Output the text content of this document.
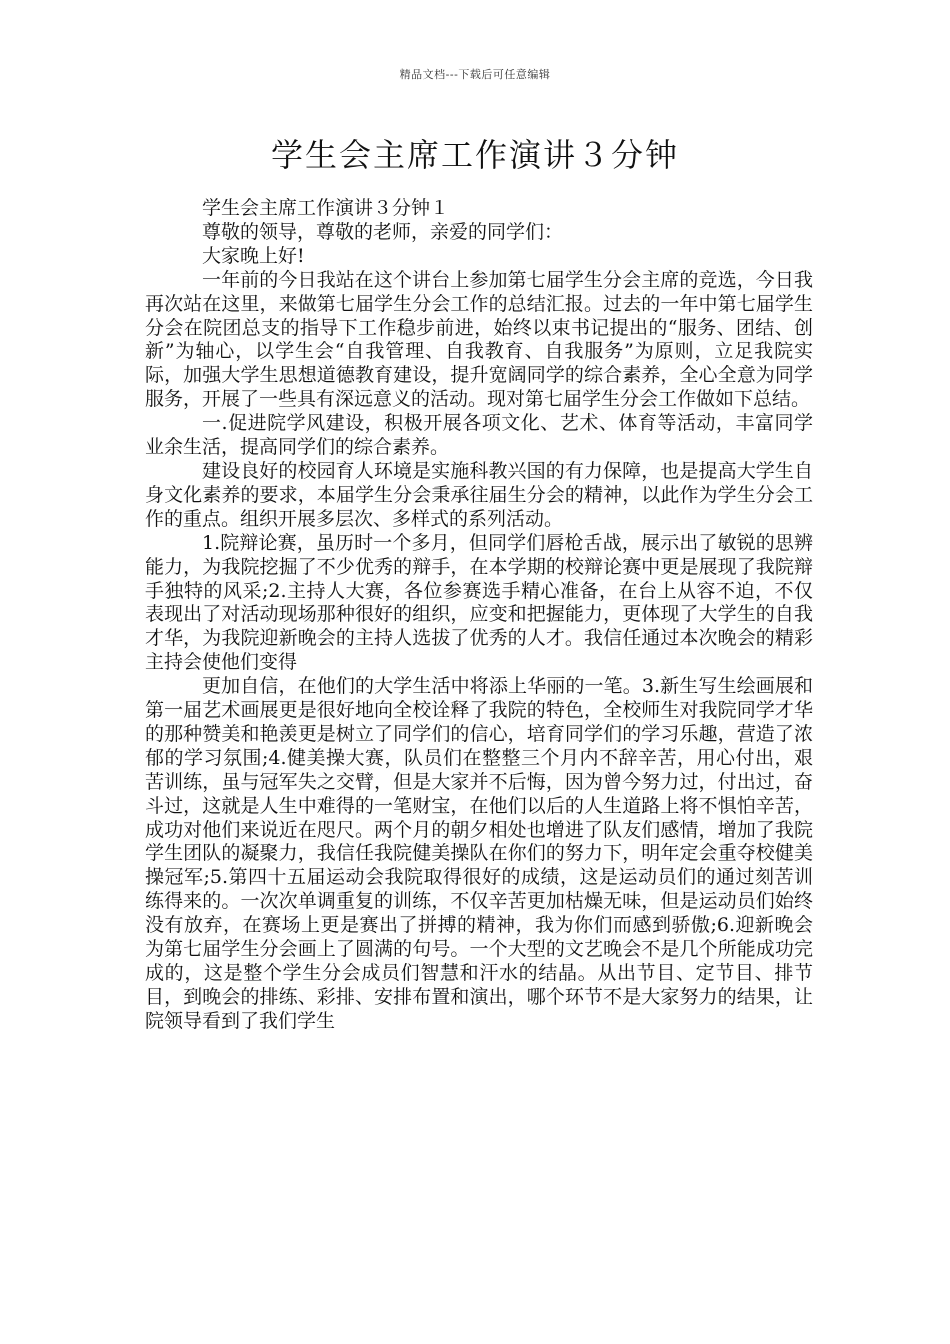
精品文档---下载后可任意编辑
学生会主席工作演讲３分钟

学生会主席工作演讲３分钟１

尊敬的领导，尊敬的老师，亲爱的同学们：

大家晚上好!

一年前的今日我站在这个讲台上参加第七届学生分会主席的竞选，今日我再次站在这里，来做第七届学生分会工作的总结汇报。过去的一年中第七届学生分会在院团总支的指导下工作稳步前进，始终以束书记提出的“服务、团结、创新”为轴心，以学生会“自我管理、自我教育、自我服务”为原则，立足我院实际，加强大学生思想道德教育建设，提升宽阔同学的综合素养，全心全意为同学服务，开展了一些具有深远意义的活动。现对第七届学生分会工作做如下总结。

一.促进院学风建设，积极开展各项文化、艺术、体育等活动，丰富同学业余生活，提高同学们的综合素养。

建设良好的校园育人环境是实施科教兴国的有力保障，也是提高大学生自身文化素养的要求，本届学生分会秉承往届生分会的精神，以此作为学生分会工作的重点。组织开展多层次、多样式的系列活动。

1.院辩论赛，虽历时一个多月，但同学们唇枪舌战，展示出了敏锐的思辨能力，为我院挖掘了不少优秀的辩手，在本学期的校辩论赛中更是展现了我院辩手独特的风采;2.主持人大赛，各位参赛选手精心准备，在台上从容不迫，不仅表现出了对活动现场那种很好的组织，应变和把握能力，更体现了大学生的自我才华，为我院迎新晚会的主持人选拔了优秀的人才。我信任通过本次晚会的精彩主持会使他们变得

更加自信，在他们的大学生活中将添上华丽的一笔。3.新生写生绘画展和第一届艺术画展更是很好地向全校诠释了我院的特色，全校师生对我院同学才华的那种赞美和艳羡更是树立了同学们的信心，培育同学们的学习乐趣，营造了浓郁的学习氛围;4.健美操大赛，队员们在整整三个月内不辞辛苦，用心付出，艰苦训练，虽与冠军失之交臂，但是大家并不后悔，因为曾今努力过，付出过，奋斗过，这就是人生中难得的一笔财宝，在他们以后的人生道路上将不惧怕辛苦，成功对他们来说近在咫尺。两个月的朝夕相处也增进了队友们感情，增加了我院学生团队的凝聚力，我信任我院健美操队在你们的努力下，明年定会重夺校健美操冠军;5.第四十五届运动会我院取得很好的成绩，这是运动员们的通过刻苦训练得来的。一次次单调重复的训练，不仅辛苦更加枯燥无味，但是运动员们始终没有放弃，在赛场上更是赛出了拼搏的精神，我为你们而感到骄傲;6.迎新晚会为第七届学生分会画上了圆满的句号。一个大型的文艺晚会不是几个所能成功完成的，这是整个学生分会成员们智慧和汗水的结晶。从出节目、定节目、排节目，到晚会的排练、彩排、安排布置和演出，哪个环节不是大家努力的结果，让院领导看到了我们学生
